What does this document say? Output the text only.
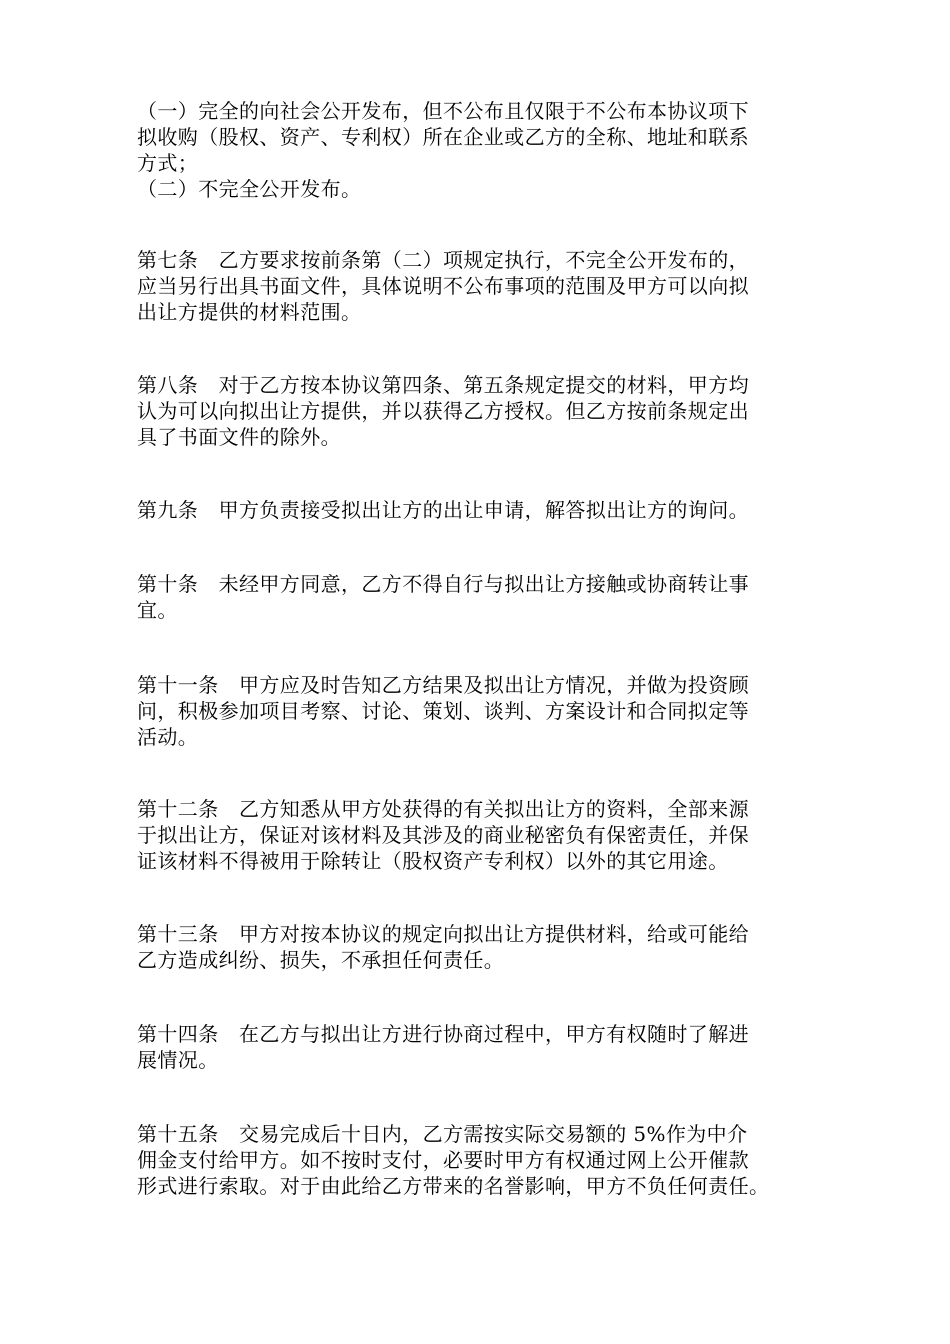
（一）完全的向社会公开发布，但不公布且仅限于不公布本协议项下
拟收购（股权、资产、专利权）所在企业或乙方的全称、地址和联系
方式；
（二）不完全公开发布。
第七条　乙方要求按前条第（二）项规定执行，不完全公开发布的，
应当另行出具书面文件，具体说明不公布事项的范围及甲方可以向拟
出让方提供的材料范围。
第八条　对于乙方按本协议第四条、第五条规定提交的材料，甲方均
认为可以向拟出让方提供，并以获得乙方授权。但乙方按前条规定出
具了书面文件的除外。
第九条　甲方负责接受拟出让方的出让申请，解答拟出让方的询问。
第十条　未经甲方同意，乙方不得自行与拟出让方接触或协商转让事
宜。
第十一条　甲方应及时告知乙方结果及拟出让方情况，并做为投资顾
问，积极参加项目考察、讨论、策划、谈判、方案设计和合同拟定等
活动。
第十二条　乙方知悉从甲方处获得的有关拟出让方的资料，全部来源
于拟出让方，保证对该材料及其涉及的商业秘密负有保密责任，并保
证该材料不得被用于除转让（股权资产专利权）以外的其它用途。
第十三条　甲方对按本协议的规定向拟出让方提供材料，给或可能给
乙方造成纠纷、损失，不承担任何责任。
第十四条　在乙方与拟出让方进行协商过程中，甲方有权随时了解进
展情况。
第十五条　交易完成后十日内，乙方需按实际交易额的 5%作为中介
佣金支付给甲方。如不按时支付，必要时甲方有权通过网上公开催款
形式进行索取。对于由此给乙方带来的名誉影响，甲方不负任何责任。
